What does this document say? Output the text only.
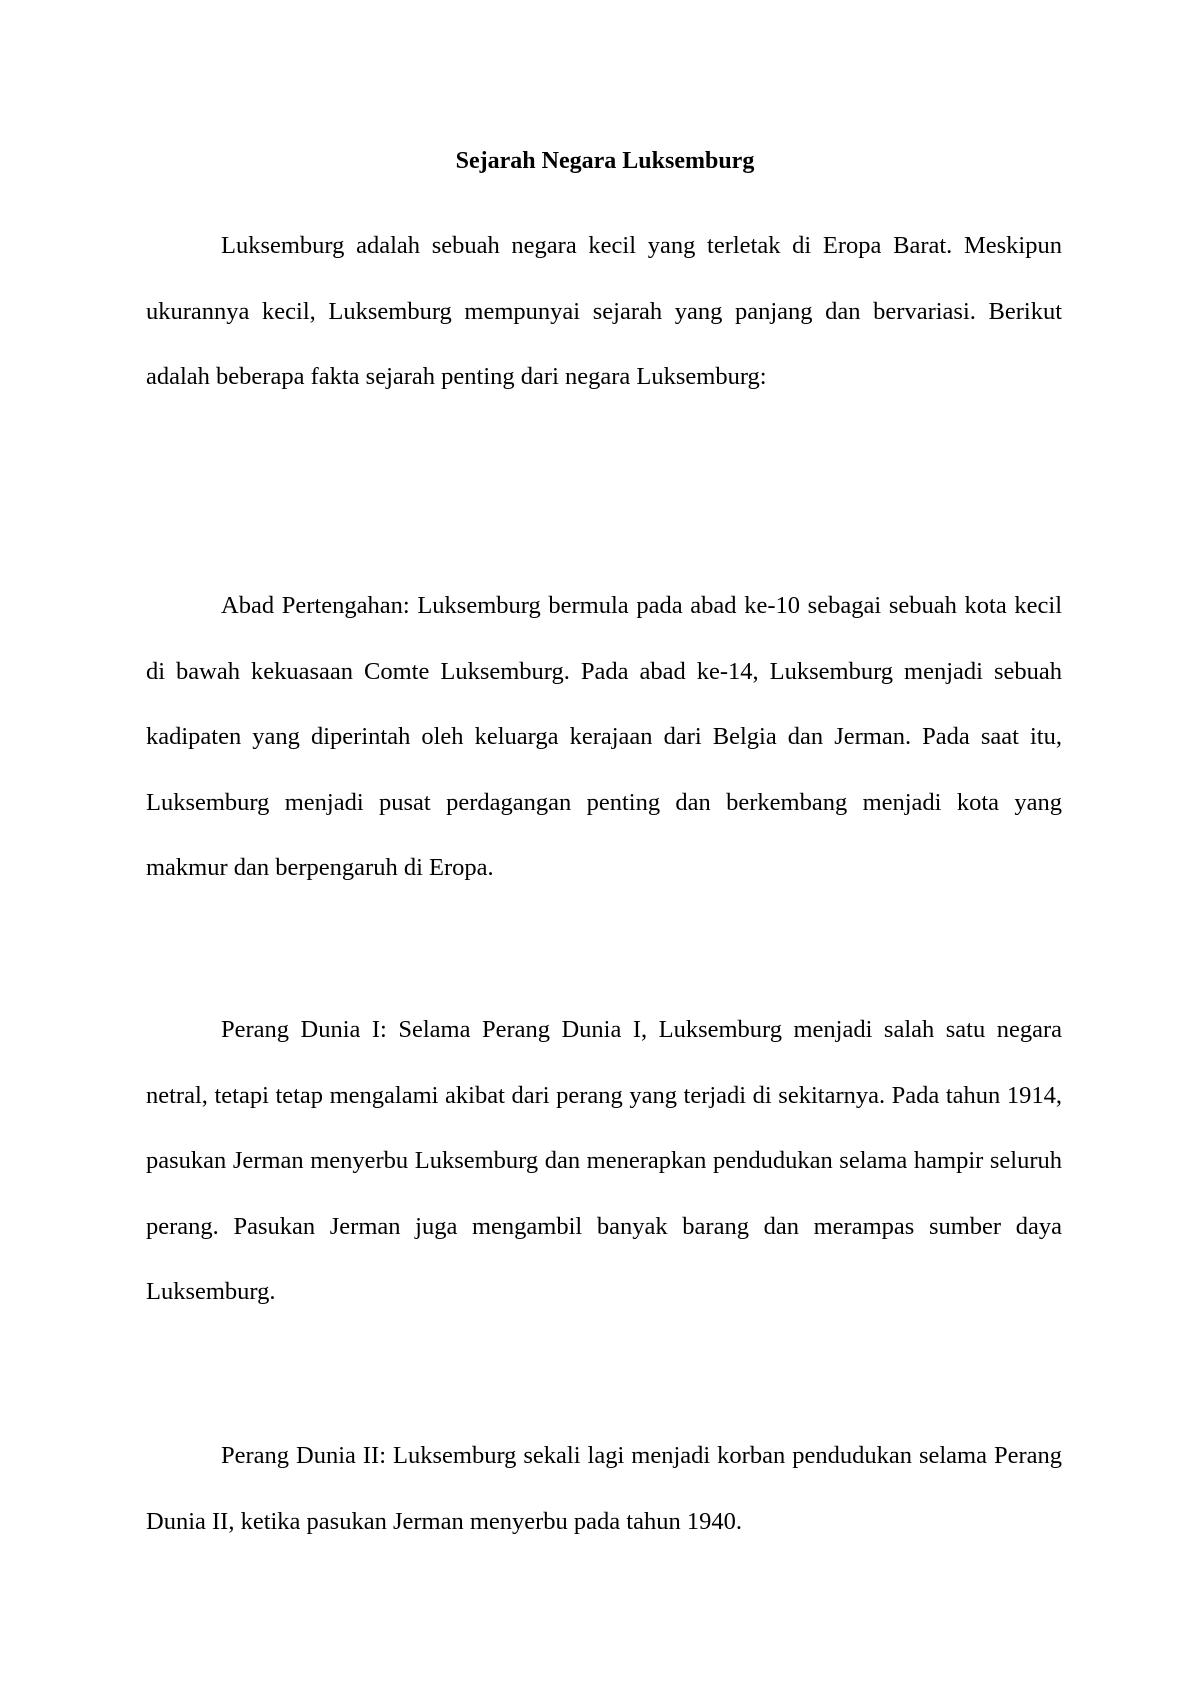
Sejarah Negara Luksemburg

Luksemburg adalah sebuah negara kecil yang terletak di Eropa Barat. Meskipun ukurannya kecil, Luksemburg mempunyai sejarah yang panjang dan bervariasi. Berikut adalah beberapa fakta sejarah penting dari negara Luksemburg:

Abad Pertengahan: Luksemburg bermula pada abad ke-10 sebagai sebuah kota kecil di bawah kekuasaan Comte Luksemburg. Pada abad ke-14, Luksemburg menjadi sebuah kadipaten yang diperintah oleh keluarga kerajaan dari Belgia dan Jerman. Pada saat itu, Luksemburg menjadi pusat perdagangan penting dan berkembang menjadi kota yang makmur dan berpengaruh di Eropa.

Perang Dunia I: Selama Perang Dunia I, Luksemburg menjadi salah satu negara netral, tetapi tetap mengalami akibat dari perang yang terjadi di sekitarnya. Pada tahun 1914, pasukan Jerman menyerbu Luksemburg dan menerapkan pendudukan selama hampir seluruh perang. Pasukan Jerman juga mengambil banyak barang dan merampas sumber daya Luksemburg.

Perang Dunia II: Luksemburg sekali lagi menjadi korban pendudukan selama Perang Dunia II, ketika pasukan Jerman menyerbu pada tahun 1940.
